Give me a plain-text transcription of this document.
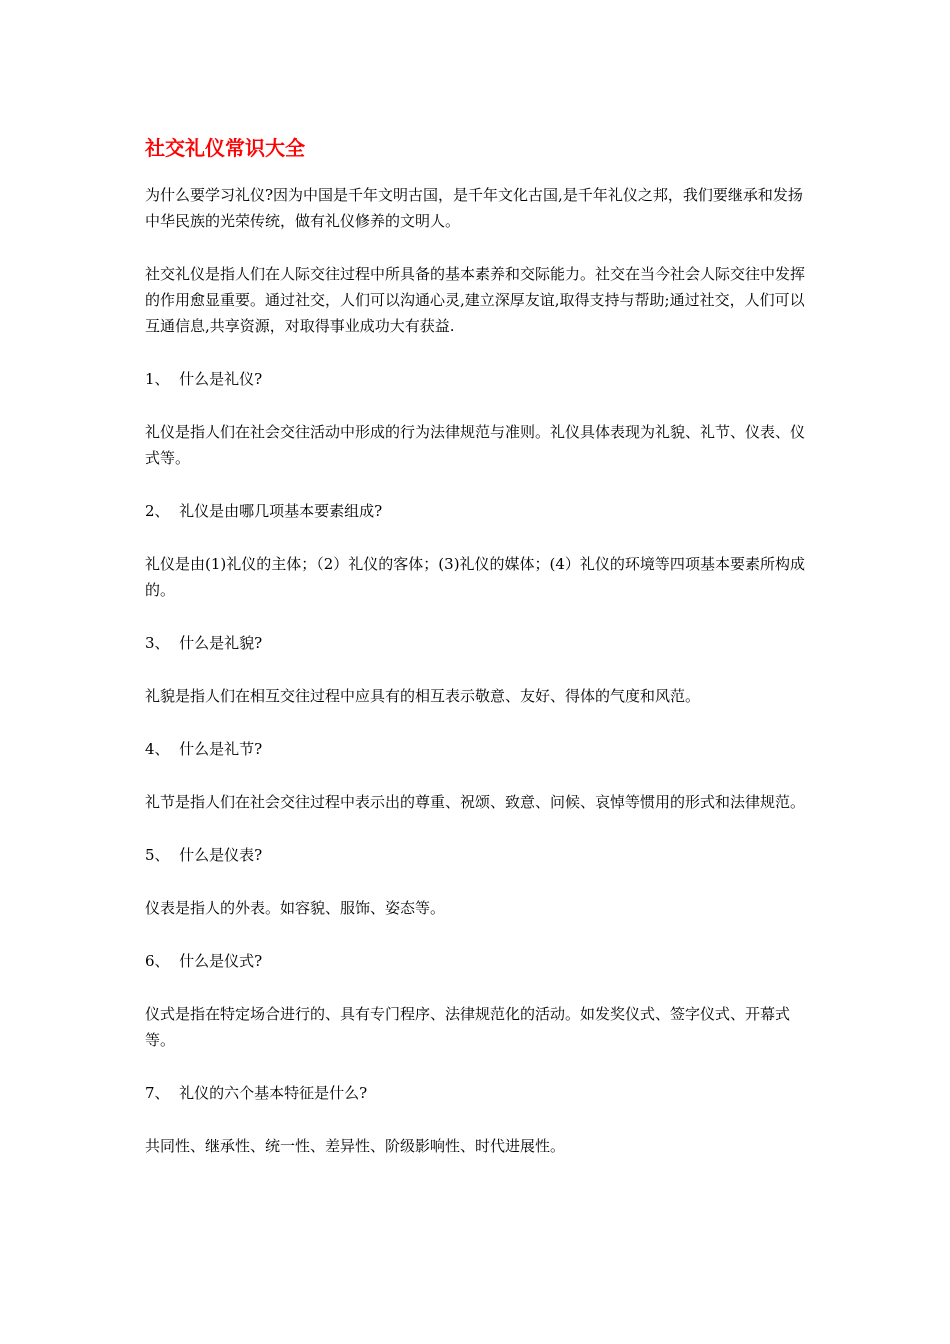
社交礼仪常识大全

为什么要学习礼仪?因为中国是千年文明古国，是千年文化古国,是千年礼仪之邦，我们要继承和发扬中华民族的光荣传统，做有礼仪修养的文明人。

社交礼仪是指人们在人际交往过程中所具备的基本素养和交际能力。社交在当今社会人际交往中发挥的作用愈显重要。通过社交，人们可以沟通心灵,建立深厚友谊,取得支持与帮助;通过社交，人们可以互通信息,共享资源，对取得事业成功大有获益.

1、  什么是礼仪?

礼仪是指人们在社会交往活动中形成的行为法律规范与准则。礼仪具体表现为礼貌、礼节、仪表、仪式等。

2、  礼仪是由哪几项基本要素组成?

礼仪是由(1)礼仪的主体；（2）礼仪的客体；(3)礼仪的媒体；(4）礼仪的环境等四项基本要素所构成的。

3、  什么是礼貌?

礼貌是指人们在相互交往过程中应具有的相互表示敬意、友好、得体的气度和风范。

4、  什么是礼节?

礼节是指人们在社会交往过程中表示出的尊重、祝颂、致意、问候、哀悼等惯用的形式和法律规范。

5、  什么是仪表?

仪表是指人的外表。如容貌、服饰、姿态等。

6、  什么是仪式?

仪式是指在特定场合进行的、具有专门程序、法律规范化的活动。如发奖仪式、签字仪式、开幕式等。

7、  礼仪的六个基本特征是什么?

共同性、继承性、统一性、差异性、阶级影响性、时代进展性。
